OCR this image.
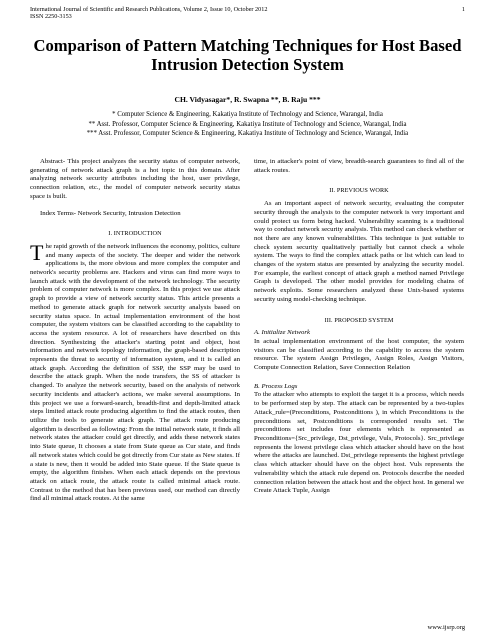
International Journal of Scientific and Research Publications, Volume 2, Issue 10, October 2012
ISSN 2250-3153
1
Comparison of Pattern Matching Techniques for Host Based Intrusion Detection System
CH. Vidyasagar*, R. Swapna **, B. Raju ***
* Computer Science & Engineering, Kakatiya Institute of Technology and Science, Warangal, India
** Asst. Professor, Computer Science & Engineering, Kakatiya Institute of Technology and Science, Warangal, India
*** Asst. Professor, Computer Science & Engineering, Kakatiya Institute of Technology and Science, Warangal, India

Abstract- This project analyzes the security status of computer network, generating of network attack graph is a hot topic in this domain. After analyzing network security attributes including the host, user privilege, connection relation, etc., the model of computer network security status space is built.

Index Terms- Network Security, Intrusion Detection

I. INTRODUCTION

The rapid growth of the network influences the economy, politics, culture and many aspects of the society. The deeper and wider the network applications is, the more obvious and more complex the computer and network's security problems are. Hackers and virus can find more ways to launch attack with the development of the network technology. The security problem of computer network is more complex. In this project we use attack graph to provide a view of network security status. This article presents a method to generate attack graph for network security analysis based on security status space. In actual implementation environment of the host computer, the system visitors can be classified according to the capability to access the system resource. A lot of researchers have described on this direction. Synthesizing the attacker's starting point and object, host information and network topology information, the graph-based description represents the threat to security of information system, and it is called an attack graph. According the definition of SSP, the SSP may be used to describe the attack graph. When the node transfers, the SS of attacker is changed. To analyze the network security, based on the analysis of network security incidents and attacker's actions, we make several assumptions. In this project we use a forward-search, breadth-first and depth-limited attack steps limited attack route producing algorithm to find the attack routes, then utilize the tools to generate attack graph. The attack route producing algorithm is described as following: From the initial network state, it finds all network states the attacker could get directly, and adds these network states into State queue, It chooses a state from State queue as Cur state, and finds all network states which could be got directly from Cur state as New states. If a state is new, then it would be added into State queue. If the State queue is empty, the algorithm finishes. When each attack depends on the previous attack on attack route, the attack route is called minimal attack route. Contrast to the method that has been previous used, our method can directly find all minimal attack routes. At the same

time, in attacker's point of view, breadth-search guarantees to find all of the attack routes.

II. PREVIOUS WORK

As an important aspect of network security, evaluating the computer security through the analysis to the computer network is very important and could protect us form being hacked. Vulnerability scanning is a traditional way to conduct network security analysis. This method can check whether or not there are any known vulnerabilities. This technique is just suitable to check system security qualitatively partially but cannot check a whole system. The ways to find the complex attack paths or list which can lead to changes of the system status are presented by analyzing the security model. For example, the earliest concept of attack graph a method named Privilege Graph is developed. The other model provides for modeling chains of network exploits. Some researchers analyzed these Unix-based systems security using model-checking technique.

III. PROPOSED SYSTEM

A. Initialize Network

In actual implementation environment of the host computer, the system visitors can be classified according to the capability to access the system resource. The system Assign Privileges, Assign Roles, Assign Visitors, Compute Connection Relation, Save Connection Relation

B. Process Logs

To the attacker who attempts to exploit the target it is a process, which needs to be performed step by step. The attack can be represented by a two-tuples Attack_rule=(Preconditions, Postconditions ), in which Preconditions is the preconditions set, Postconditions is corresponded results set. The preconditions set includes four elements which is represented as Preconditions={Src_privilege, Dst_privilege, Vuls, Protocols}. Src_privilege represents the lowest privilege class which attacker should have on the host where the attacks are launched. Dst_privilege represents the highest privilege class which attacker should have on the object host. Vuls represents the vulnerability which the attack rule depend on. Protocols describe the needed connection relation between the attack host and the object host. In general we Create Attack Tuple, Assign

www.ijsrp.org
